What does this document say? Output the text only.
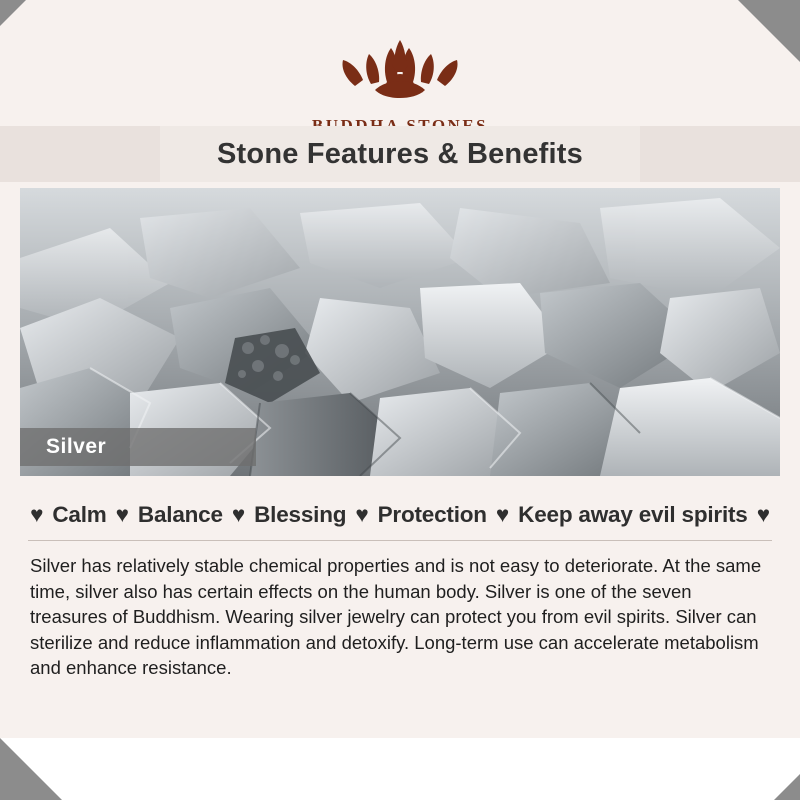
Stone Features & Benefits
Silver
♥ Calm ♥ Balance ♥ Blessing ♥ Protection ♥ Keep away evil spirits ♥
Silver has relatively stable chemical properties and is not easy to deteriorate. At the same time, silver also has certain effects on the human body. Silver is one of the seven treasures of Buddhism. Wearing silver jewelry can protect you from evil spirits. Silver can sterilize and reduce inflammation and detoxify. Long-term use can accelerate metabolism and enhance resistance.
